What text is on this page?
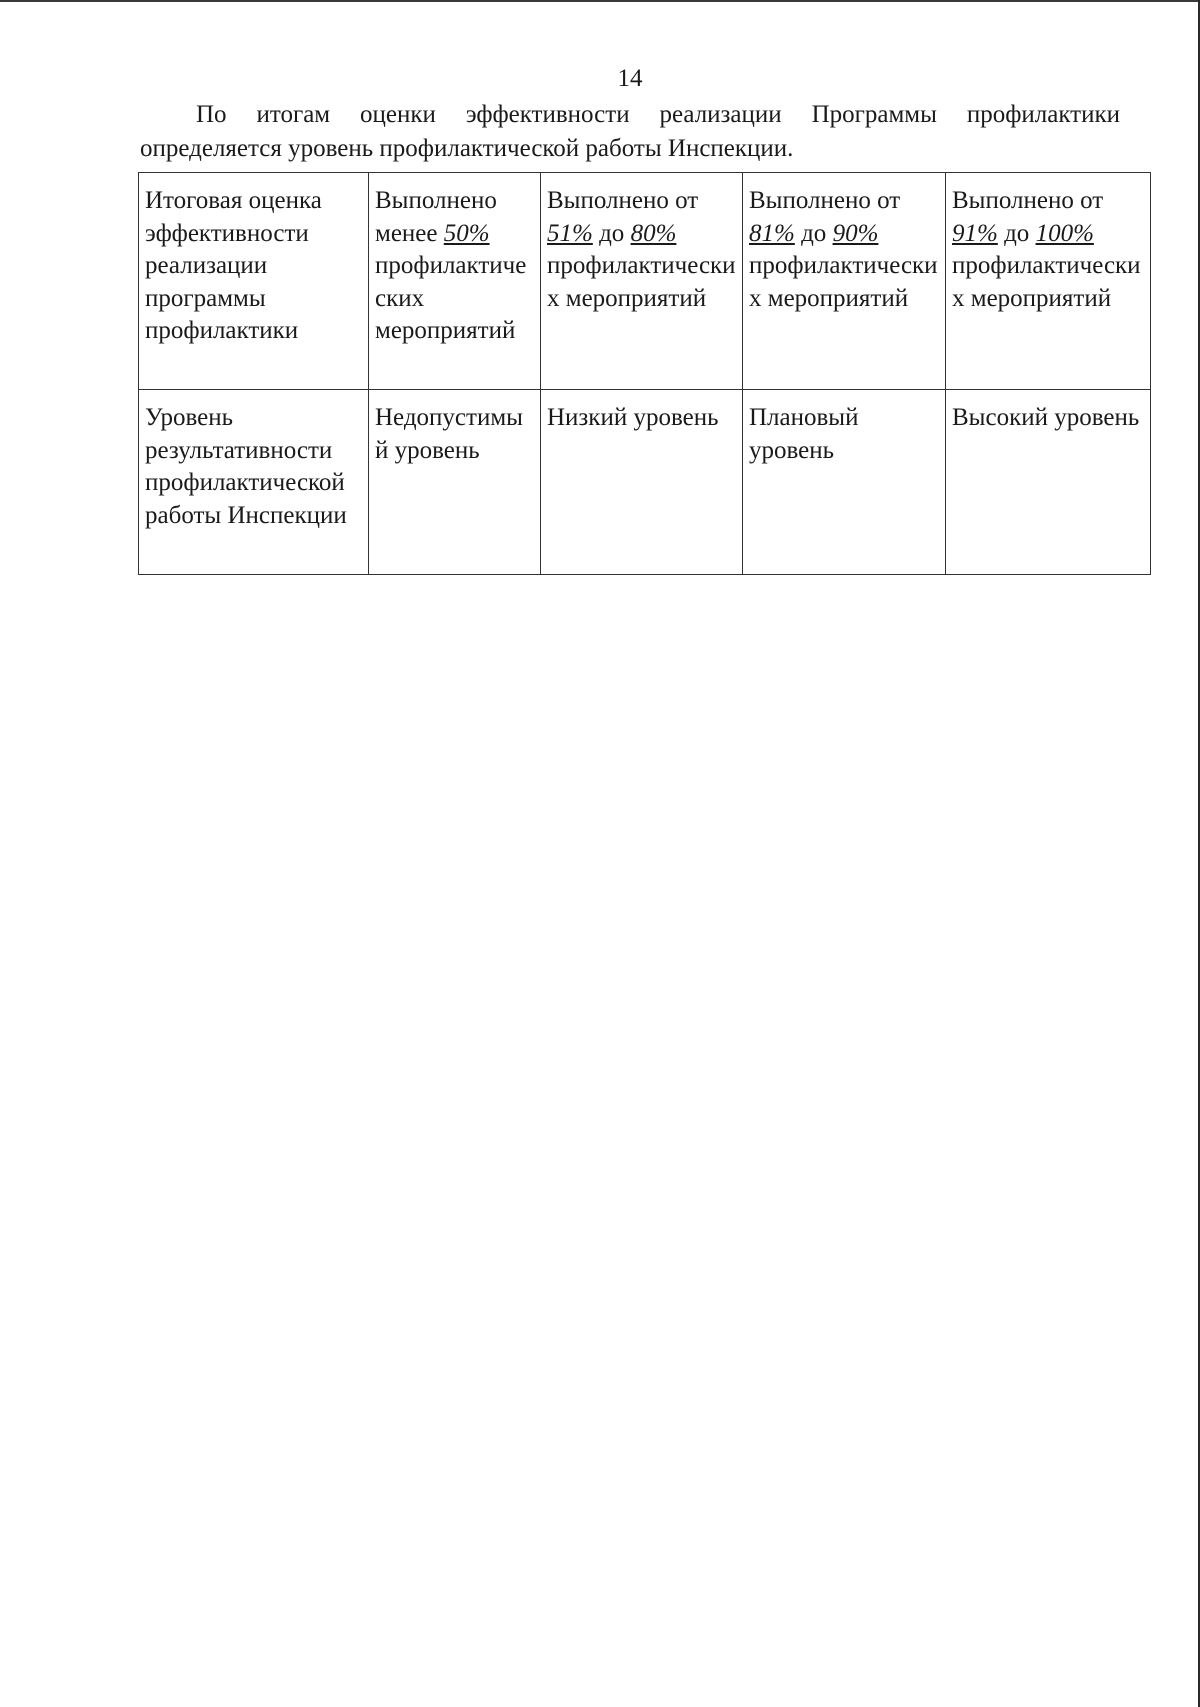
14

По итогам оценки эффективности реализации Программы профилактики определяется уровень профилактической работы Инспекции.

Итоговая оценка эффективности реализации программы профилактики	Выполнено менее 50% профилактических мероприятий	Выполнено от 51% до 80% профилактических мероприятий	Выполнено от 81% до 90% профилактических мероприятий	Выполнено от 91% до 100% профилактических мероприятий
Уровень результативности профилактической работы Инспекции	Недопустимый уровень	Низкий уровень	Плановый уровень	Высокий уровень
